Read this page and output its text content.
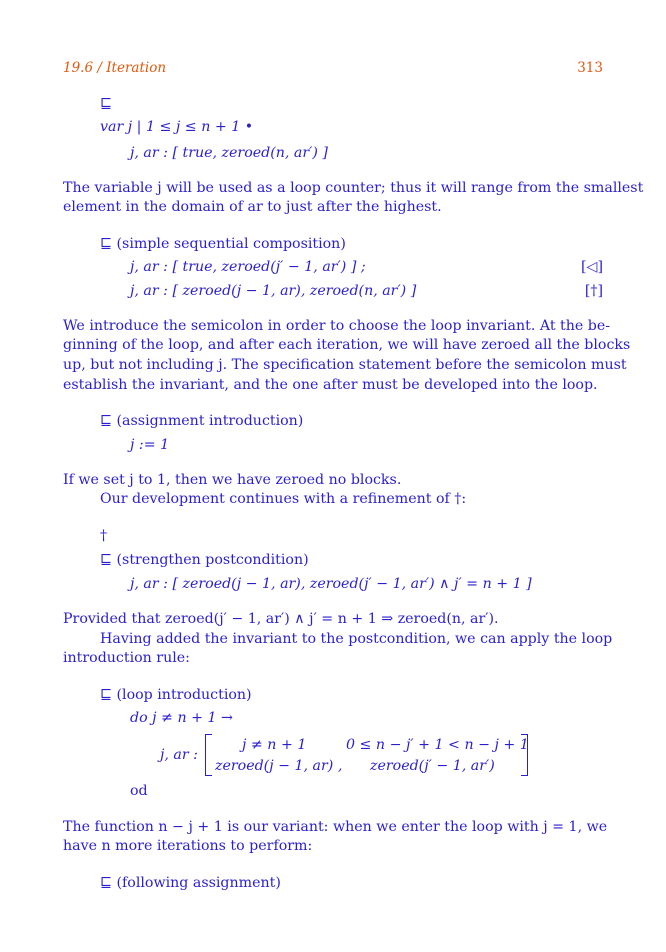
19.6 / Iteration	313
⊑
var j | 1 ≤ j ≤ n + 1 •
j, ar : [ true, zeroed(n, ar′) ]
The variable j will be used as a loop counter; thus it will range from the smallest
element in the domain of ar to just after the highest.
⊑ (simple sequential composition)
j, ar : [ true, zeroed(j′ − 1, ar′) ] ;	[◁]
j, ar : [ zeroed(j − 1, ar), zeroed(n, ar′) ]	[†]
We introduce the semicolon in order to choose the loop invariant. At the be-
ginning of the loop, and after each iteration, we will have zeroed all the blocks
up, but not including j. The specification statement before the semicolon must
establish the invariant, and the one after must be developed into the loop.
⊑ (assignment introduction)
j := 1
If we set j to 1, then we have zeroed no blocks.
Our development continues with a refinement of †:
†
⊑ (strengthen postcondition)
j, ar : [ zeroed(j − 1, ar), zeroed(j′ − 1, ar′) ∧ j′ = n + 1 ]
Provided that zeroed(j′ − 1, ar′) ∧ j′ = n + 1 ⇒ zeroed(n, ar′).
Having added the invariant to the postcondition, we can apply the loop
introduction rule:
⊑ (loop introduction)
do j ≠ n + 1 →
j, ar :
j ≠ n + 1	0 ≤ n − j′ + 1 < n − j + 1
zeroed(j − 1, ar) , zeroed(j′ − 1, ar′)
od
The function n − j + 1 is our variant: when we enter the loop with j = 1, we
have n more iterations to perform:
⊑ (following assignment)
